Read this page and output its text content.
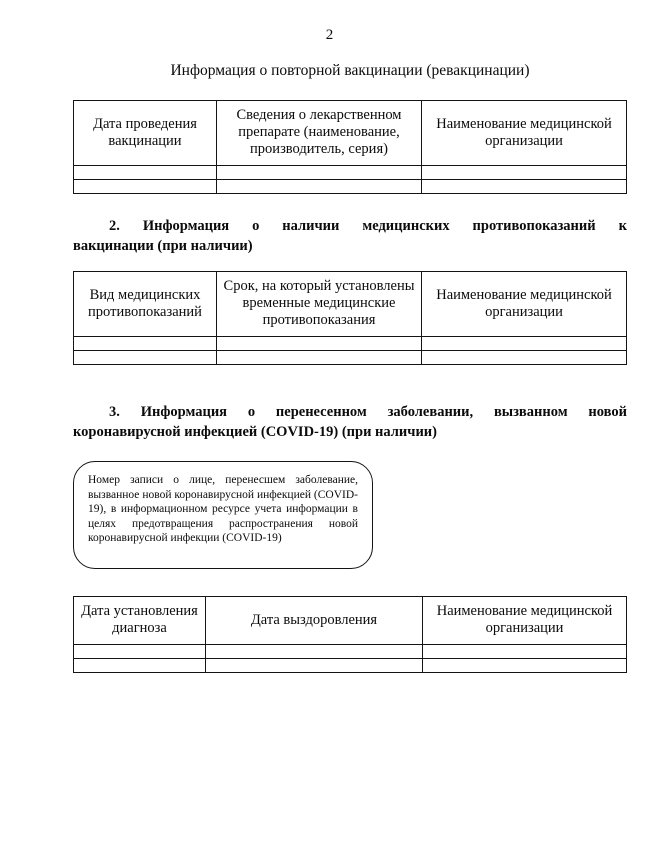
2
Информация о повторной вакцинации (ревакцинации)
Дата проведения вакцинации	Сведения о лекарственном препарате (наименование, производитель, серия)	Наименование медицинской организации

2. Информация о наличии медицинских противопоказаний к
вакцинации (при наличии)
Вид медицинских противопоказаний	Срок, на который установлены временные медицинские противопоказания	Наименование медицинской организации

3. Информация о перенесенном заболевании, вызванном новой
коронавирусной инфекцией (COVID-19) (при наличии)
Номер записи о лице, перенесшем заболевание, вызванное новой коронавирусной инфекцией (COVID-19), в информационном ресурсе учета информации в целях предотвращения распространения новой коронавирусной инфекции (COVID-19)
Дата установления диагноза	Дата выздоровления	Наименование медицинской организации
